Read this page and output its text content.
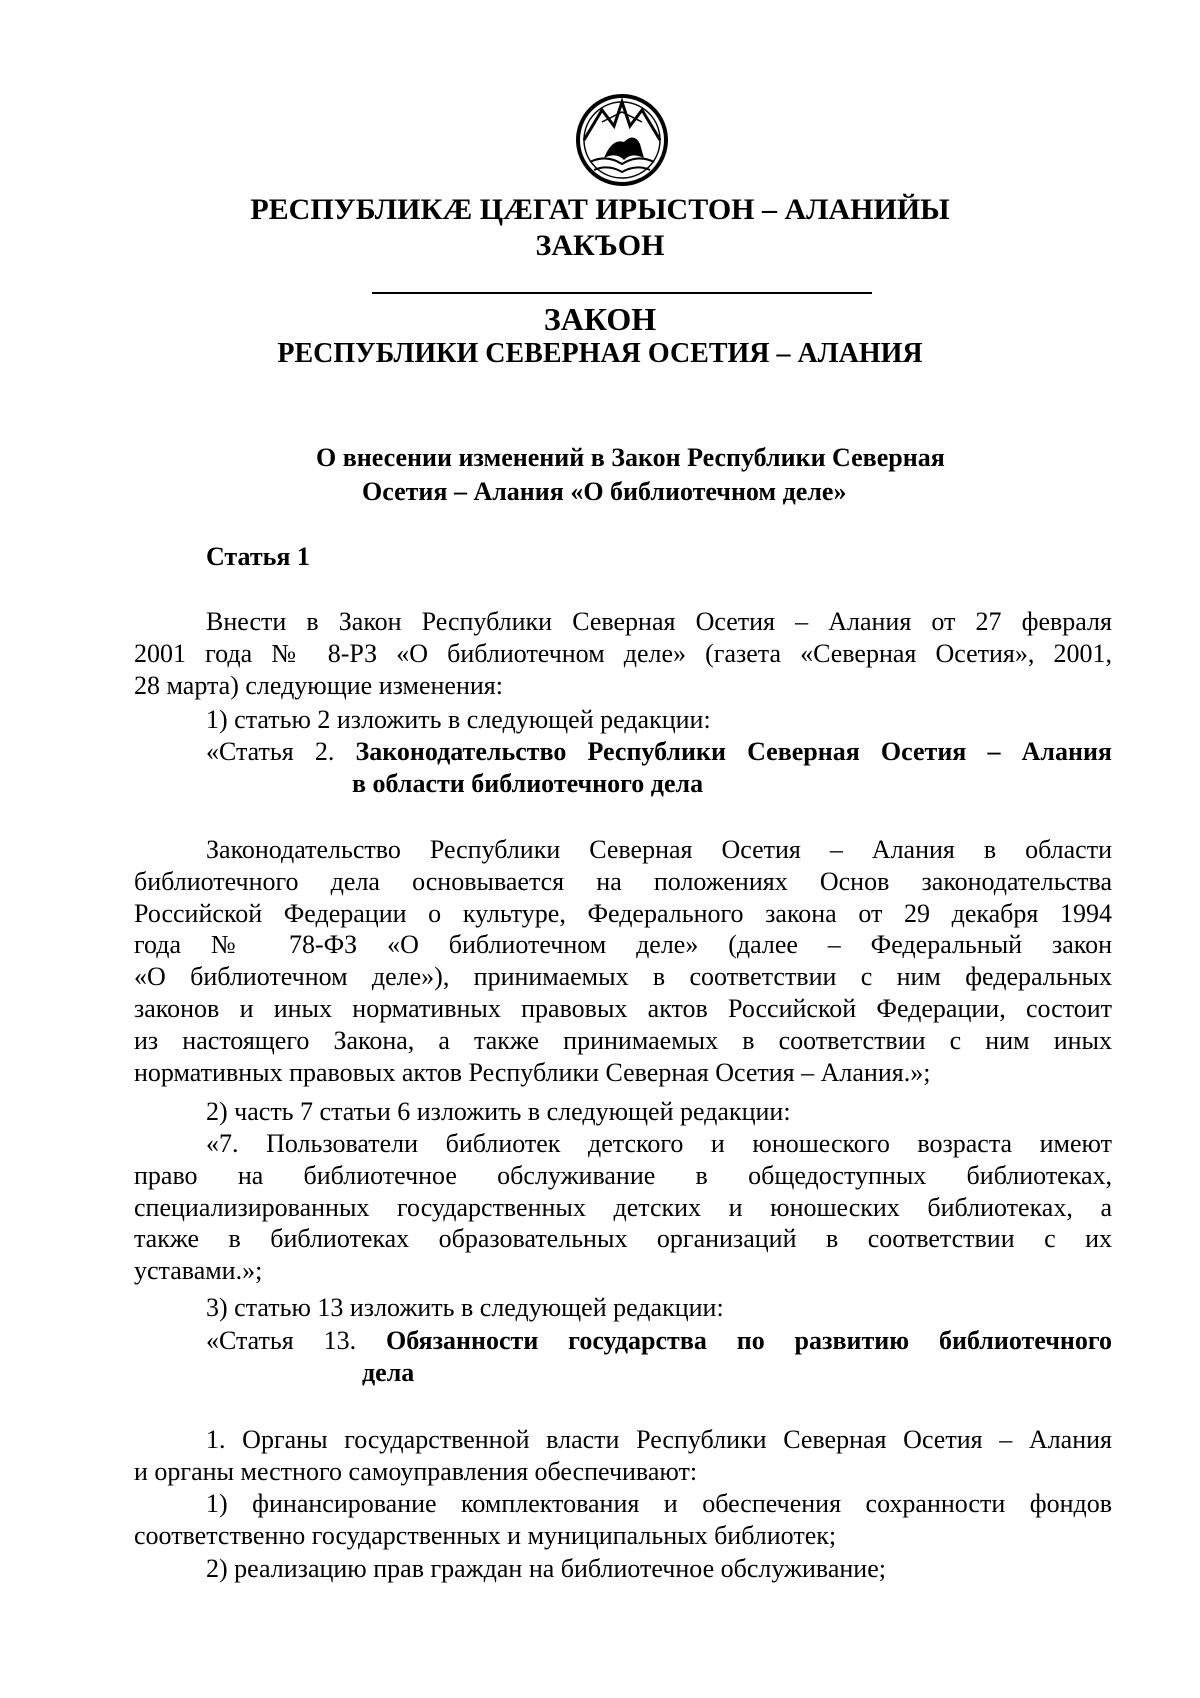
РЕСПУБЛИКÆ ЦÆГАТ ИРЫСТОН – АЛАНИЙЫ
ЗАКЪОН
ЗАКОН
РЕСПУБЛИКИ СЕВЕРНАЯ ОСЕТИЯ – АЛАНИЯ
О внесении изменений в Закон Республики Северная
Осетия – Алания «О библиотечном деле»
Статья 1

Внести в Закон Республики Северная Осетия – Алания от 27 февраля

2001 года № 8-РЗ «О библиотечном деле» (газета «Северная Осетия», 2001,

28 марта) следующие изменения:

1) статью 2 изложить в следующей редакции:
«Статья 2. Законодательство Республики Северная Осетия – Алания
в области библиотечного дела

Законодательство Республики Северная Осетия – Алания в области

библиотечного дела основывается на положениях Основ законодательства

Российской Федерации о культуре, Федерального закона от 29 декабря 1994

года № 78-ФЗ «О библиотечном деле» (далее – Федеральный закон

«О библиотечном деле»), принимаемых в соответствии с ним федеральных

законов и иных нормативных правовых актов Российской Федерации, состоит

из настоящего Закона, а также принимаемых в соответствии с ним иных

нормативных правовых актов Республики Северная Осетия – Алания.»;

2) часть 7 статьи 6 изложить в следующей редакции:

«7. Пользователи библиотек детского и юношеского возраста имеют

право на библиотечное обслуживание в общедоступных библиотеках,

специализированных государственных детских и юношеских библиотеках, а

также в библиотеках образовательных организаций в соответствии с их

уставами.»;

3) статью 13 изложить в следующей редакции:
«Статья 13. Обязанности государства по развитию библиотечного
дела

1. Органы государственной власти Республики Северная Осетия – Алания

и органы местного самоуправления обеспечивают:

1) финансирование комплектования и обеспечения сохранности фондов

соответственно государственных и муниципальных библиотек;

2) реализацию прав граждан на библиотечное обслуживание;
